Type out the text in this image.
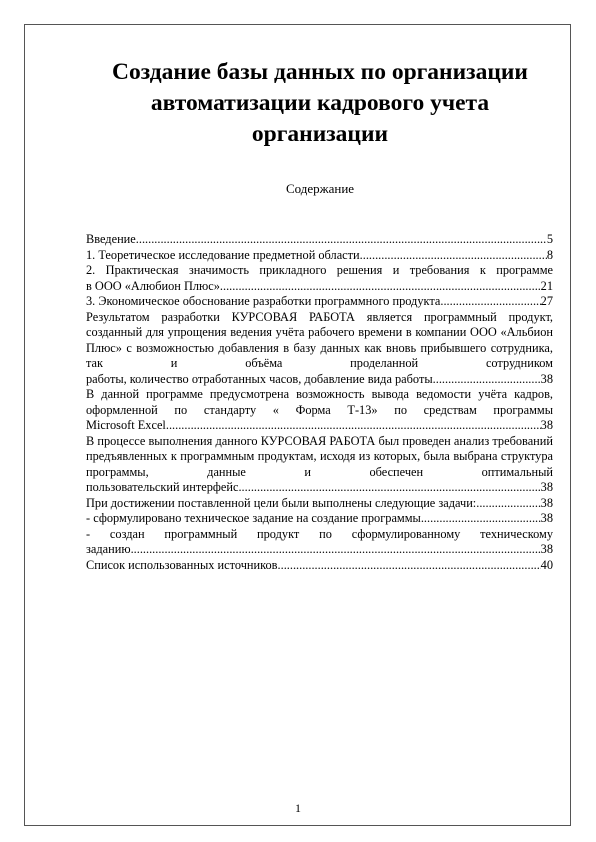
Создание базы данных по организации автоматизации кадрового учета организации

Содержание

Введение .....	5
1. Теоретическое исследование предметной области .....	8
2. Практическая значимость прикладного решения и требования к программе
в ООО «Алюбион Плюс» .....	21
3. Экономическое обоснование разработки программного продукта .....	27
Результатом разработки КУРСОВАЯ РАБОТА является программный продукт, созданный для упрощения ведения учёта рабочего времени в компании ООО «Альбион Плюс» с возможностью добавления в базу данных как вновь прибывшего сотрудника, так и объёма проделанной сотрудником
работы, количество отработанных часов, добавление вида работы .....	38
В данной программе предусмотрена возможность вывода ведомости учёта кадров, оформленной по стандарту « Форма Т-13» по средствам программы
Microsoft Excel .....	38
В процессе выполнения данного КУРСОВАЯ РАБОТА был проведен анализ требований предъявленных к программным продуктам, исходя из которых, была выбрана структура программы, данные и обеспечен оптимальный
пользовательский интерфейс .....	38
При достижении поставленной цели были выполнены следующие задачи: .....	38
- сформулировано техническое задание на создание программы .....	38
- создан программный продукт по сформулированному техническому
заданию .....	38
Список использованных источников .....	40
1
